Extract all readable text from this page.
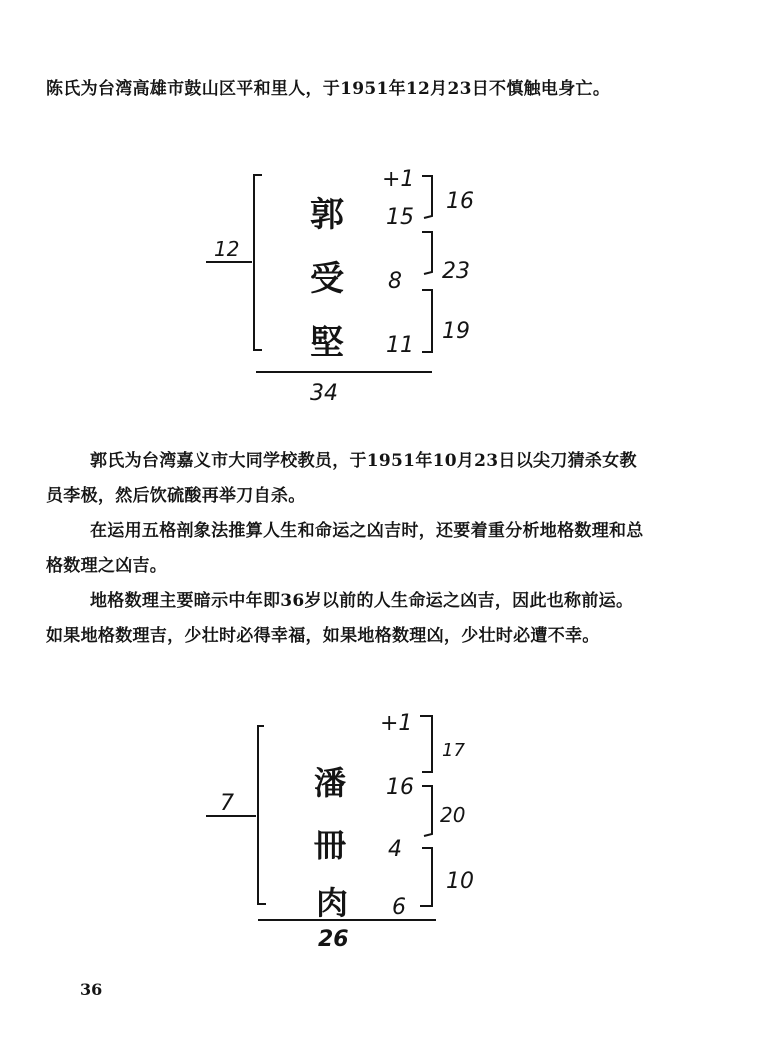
陈氏为台湾高雄市鼓山区平和里人，于1951年12月23日不慎触电身亡。

+1
郭
受
堅
15
8
11
12
16
23
19
34

郭氏为台湾嘉义市大同学校教员，于1951年10月23日以尖刀猜杀女教员李极，然后饮硫酸再举刀自杀。

在运用五格剖象法推算人生和命运之凶吉时，还要着重分析地格数理和总格数理之凶吉。

地格数理主要暗示中年即36岁以前的人生命运之凶吉，因此也称前运。如果地格数理吉，少壮时必得幸福，如果地格数理凶，少壮时必遭不幸。

+1
潘
冊
肉
16
4
6
7
17
20
10
26
36
